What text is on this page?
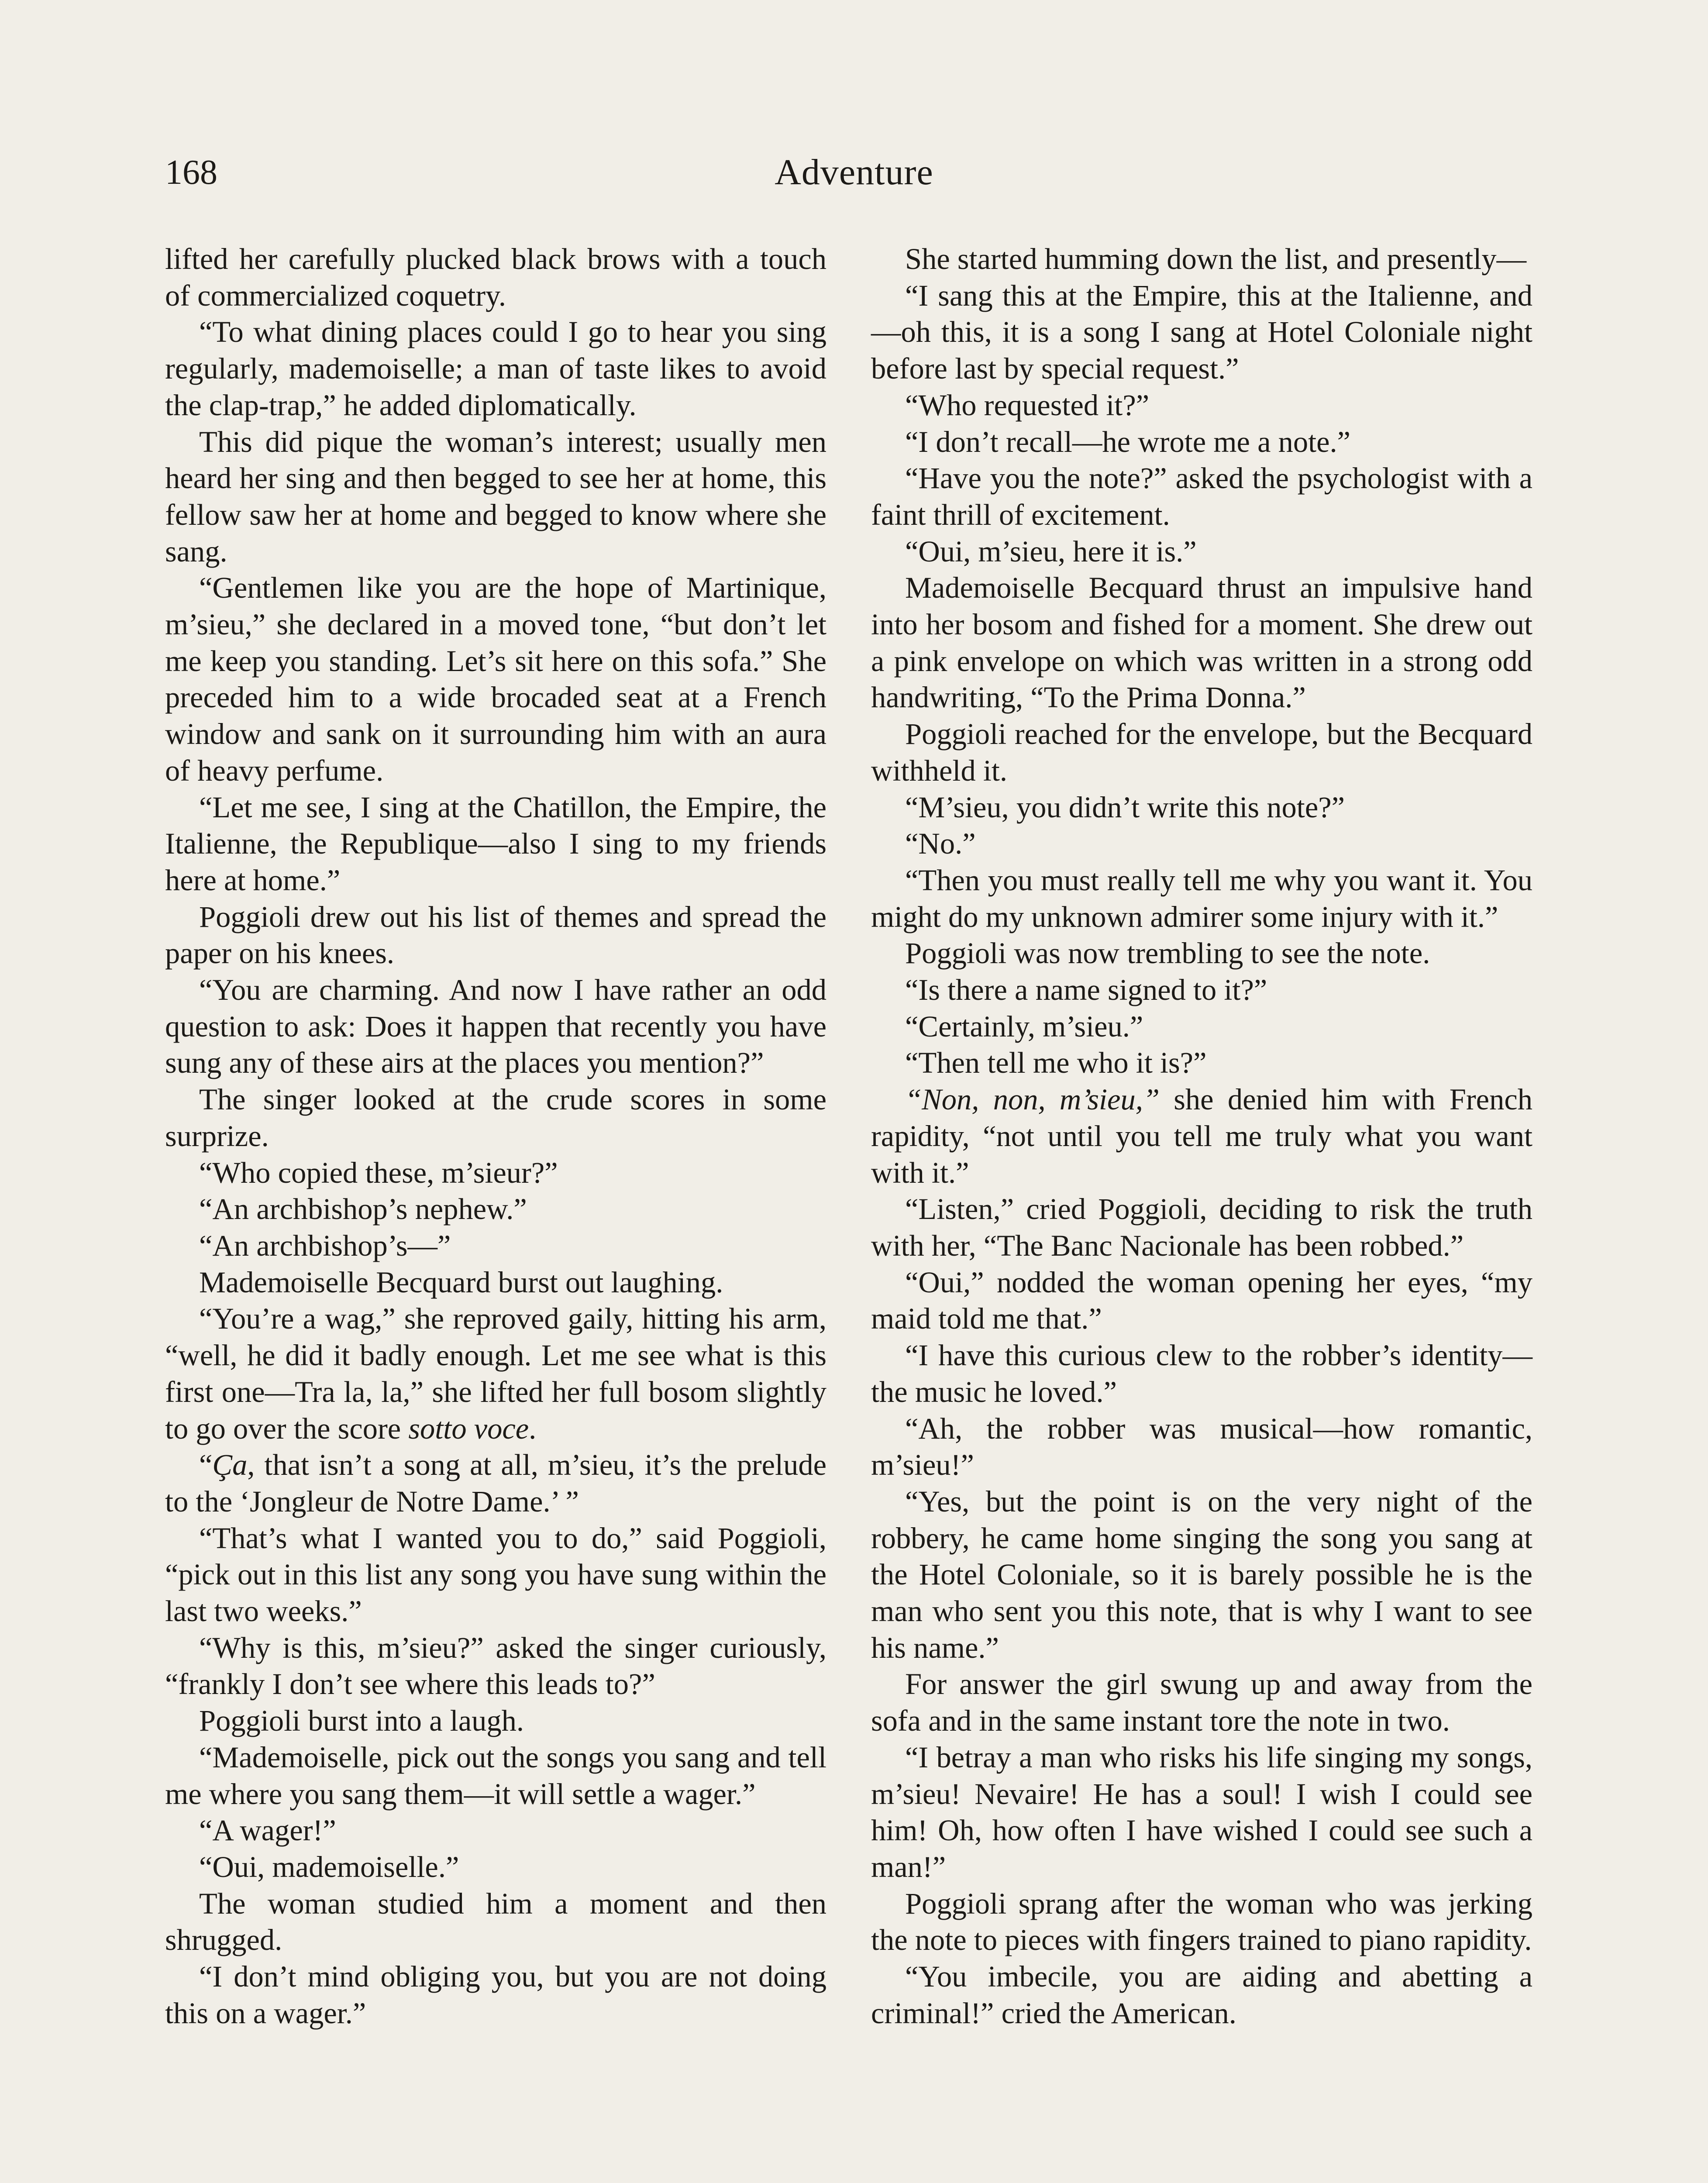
168	Adventure

lifted her carefully plucked black brows with a touch of commercialized coquetry.

“To what dining places could I go to hear you sing regularly, mademoiselle; a man of taste likes to avoid the clap-trap,” he added diplomatically.

This did pique the woman’s interest; usually men heard her sing and then begged to see her at home, this fellow saw her at home and begged to know where she sang.

“Gentlemen like you are the hope of Martinique, m’sieu,” she declared in a moved tone, “but don’t let me keep you standing. Let’s sit here on this sofa.” She preceded him to a wide brocaded seat at a French window and sank on it surrounding him with an aura of heavy perfume.

“Let me see, I sing at the Chatillon, the Empire, the Italienne, the Republique—also I sing to my friends here at home.”

Poggioli drew out his list of themes and spread the paper on his knees.

“You are charming. And now I have rather an odd question to ask: Does it happen that recently you have sung any of these airs at the places you mention?”

The singer looked at the crude scores in some surprize.

“Who copied these, m’sieur?”

“An archbishop’s nephew.”

“An archbishop’s—”

Mademoiselle Becquard burst out laughing.

“You’re a wag,” she reproved gaily, hitting his arm, “well, he did it badly enough. Let me see what is this first one—Tra la, la,” she lifted her full bosom slightly to go over the score sotto voce.

“Ça, that isn’t a song at all, m’sieu, it’s the prelude to the ‘Jongleur de Notre Dame.’ ”

“That’s what I wanted you to do,” said Poggioli, “pick out in this list any song you have sung within the last two weeks.”

“Why is this, m’sieu?” asked the singer curiously, “frankly I don’t see where this leads to?”

Poggioli burst into a laugh.

“Mademoiselle, pick out the songs you sang and tell me where you sang them—it will settle a wager.”

“A wager!”

“Oui, mademoiselle.”

The woman studied him a moment and then shrugged.

“I don’t mind obliging you, but you are not doing this on a wager.”

She started humming down the list, and presently—

“I sang this at the Empire, this at the Italienne, and—oh this, it is a song I sang at Hotel Coloniale night before last by special request.”

“Who requested it?”

“I don’t recall—he wrote me a note.”

“Have you the note?” asked the psychologist with a faint thrill of excitement.

“Oui, m’sieu, here it is.”

Mademoiselle Becquard thrust an impulsive hand into her bosom and fished for a moment. She drew out a pink envelope on which was written in a strong odd handwriting, “To the Prima Donna.”

Poggioli reached for the envelope, but the Becquard withheld it.

“M’sieu, you didn’t write this note?”

“No.”

“Then you must really tell me why you want it. You might do my unknown admirer some injury with it.”

Poggioli was now trembling to see the note.

“Is there a name signed to it?”

“Certainly, m’sieu.”

“Then tell me who it is?”

“Non, non, m’sieu,” she denied him with French rapidity, “not until you tell me truly what you want with it.”

“Listen,” cried Poggioli, deciding to risk the truth with her, “The Banc Nacionale has been robbed.”

“Oui,” nodded the woman opening her eyes, “my maid told me that.”

“I have this curious clew to the robber’s identity—the music he loved.”

“Ah, the robber was musical—how romantic, m’sieu!”

“Yes, but the point is on the very night of the robbery, he came home singing the song you sang at the Hotel Coloniale, so it is barely possible he is the man who sent you this note, that is why I want to see his name.”

For answer the girl swung up and away from the sofa and in the same instant tore the note in two.

“I betray a man who risks his life singing my songs, m’sieu! Nevaire! He has a soul! I wish I could see him! Oh, how often I have wished I could see such a man!”

Poggioli sprang after the woman who was jerking the note to pieces with fingers trained to piano rapidity.

“You imbecile, you are aiding and abetting a criminal!” cried the American.
